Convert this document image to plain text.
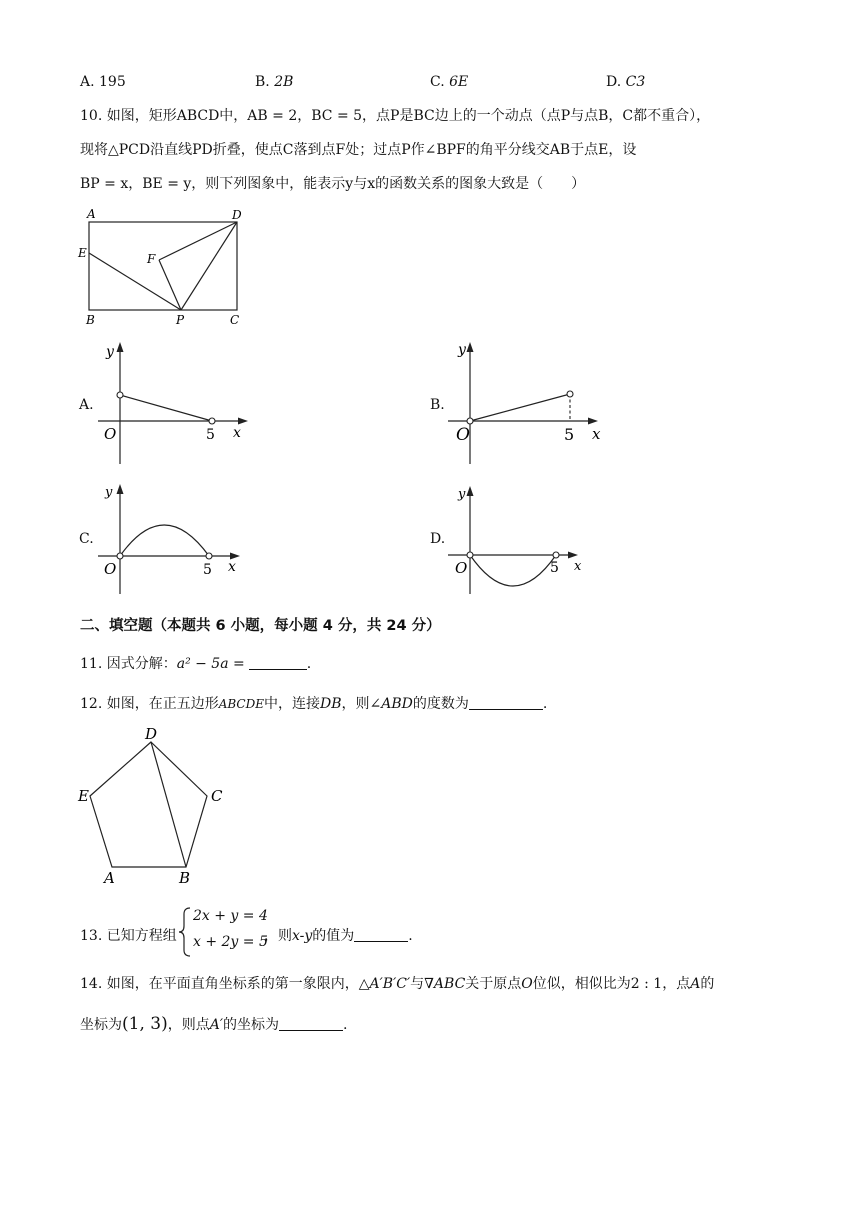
A. 195	B. 2B	C. 6E	D. C3
10. 如图，矩形ABCD中，AB = 2，BC = 5，点P是BC边上的一个动点（点P与点B，C都不重合），
现将△PCD沿直线PD折叠，使点C落到点F处；过点P作∠BPF的角平分线交AB于点E，设
BP = x，BE = y，则下列图象中，能表示y与x的函数关系的图象大致是（　　）
A	D
E	F
B	P	C
A.	B.
C.	D.
y
x
O	5
y
x
O	5
y
x
O	5
y
x
O	5
二、填空题（本题共 6 小题，每小题 4 分，共 24 分）
11. 因式分解：a² − 5a =	.
12. 如图，在正五边形ABCDE中，连接DB，则∠ABD的度数为	.
D
C
E
A	B
13. 已知方程组
2x + y = 4
x + 2y = 5
，则x-y的值为	.
14. 如图，在平面直角坐标系的第一象限内，△A′B′C′与∇ABC关于原点O位似，相似比为2 : 1，点A的
坐标为(1, 3)，则点A′的坐标为	.
